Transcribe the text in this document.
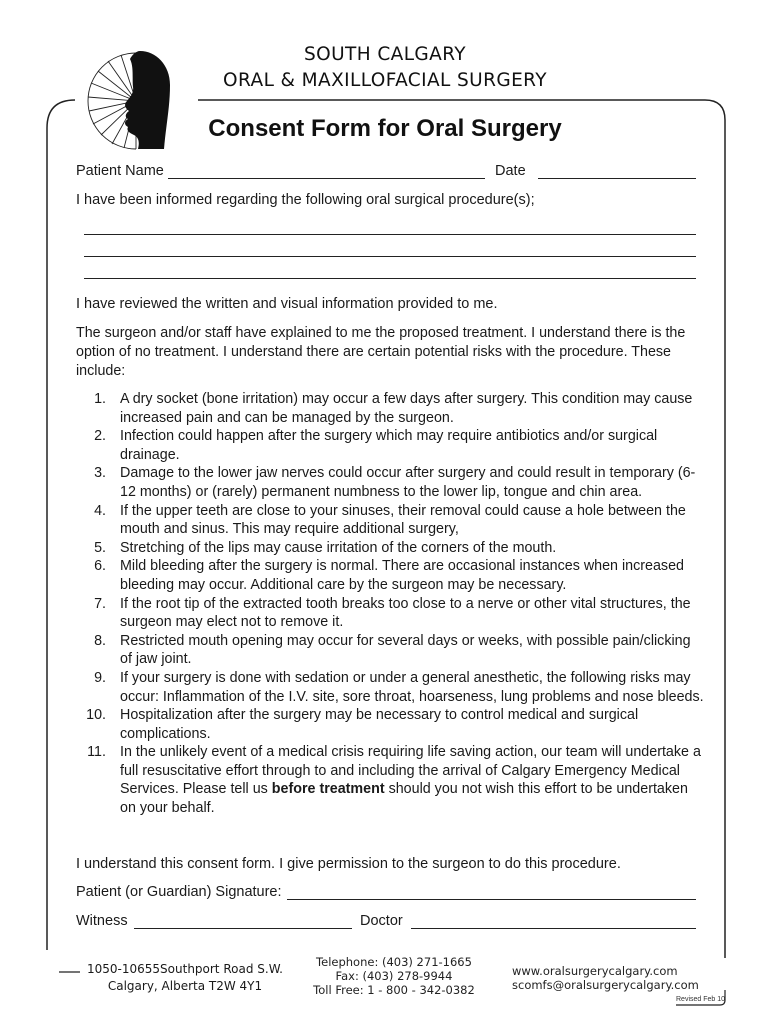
SOUTH CALGARY
ORAL & MAXILLOFACIAL SURGERY
Consent Form for Oral Surgery
Patient Name	Date
I have been informed regarding the following oral surgical procedure(s);
I have reviewed the written and visual information provided to me.
The surgeon and/or staff have explained to me the proposed treatment. I understand there is the option of no treatment. I understand there are certain potential risks with the procedure. These include:
1. A dry socket (bone irritation) may occur a few days after surgery. This condition may cause increased pain and can be managed by the surgeon.
2. Infection could happen after the surgery which may require antibiotics and/or surgical drainage.
3. Damage to the lower jaw nerves could occur after surgery and could result in temporary (6-12 months) or (rarely) permanent numbness to the lower lip, tongue and chin area.
4. If the upper teeth are close to your sinuses, their removal could cause a hole between the mouth and sinus. This may require additional surgery,
5. Stretching of the lips may cause irritation of the corners of the mouth.
6. Mild bleeding after the surgery is normal. There are occasional instances when increased bleeding may occur. Additional care by the surgeon may be necessary.
7. If the root tip of the extracted tooth breaks too close to a nerve or other vital structures, the surgeon may elect not to remove it.
8. Restricted mouth opening may occur for several days or weeks, with possible pain/clicking of jaw joint.
9. If your surgery is done with sedation or under a general anesthetic, the following risks may occur: Inflammation of the I.V. site, sore throat, hoarseness, lung problems and nose bleeds.
10. Hospitalization after the surgery may be necessary to control medical and surgical complications.
11. In the unlikely event of a medical crisis requiring life saving action, our team will undertake a full resuscitative effort through to and including the arrival of Calgary Emergency Medical Services. Please tell us before treatment should you not wish this effort to be undertaken on your behalf.
I understand this consent form. I give permission to the surgeon to do this procedure.
Patient (or Guardian) Signature:
Witness	Doctor
1050-10655Southport Road S.W.
Calgary, Alberta T2W 4Y1
Telephone: (403) 271-1665
Fax: (403) 278-9944
Toll Free: 1 - 800 - 342-0382
www.oralsurgerycalgary.com
scomfs@oralsurgerycalgary.com
Revised Feb 10
